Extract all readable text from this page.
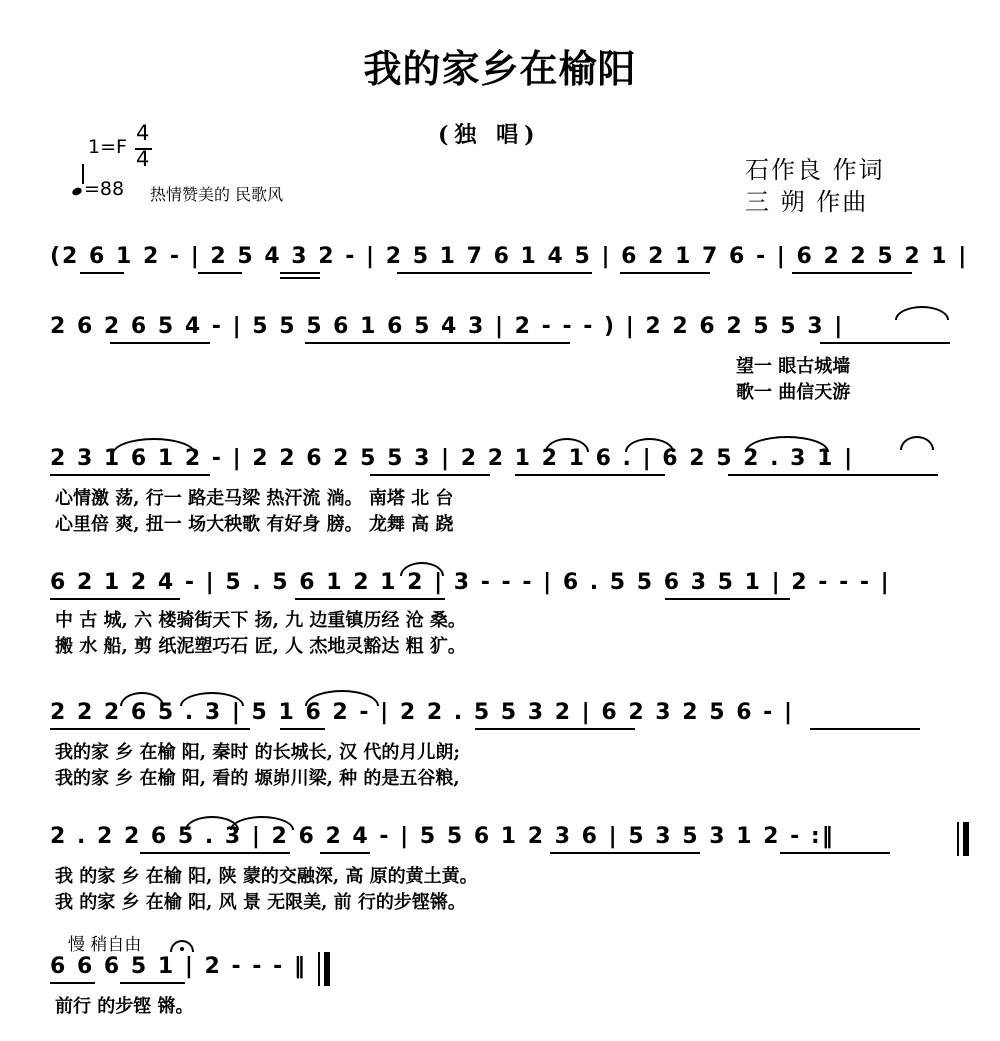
我的家乡在榆阳
(独 唱)
1=F
4
4
=88 热情赞美的 民歌风
石作良 作词
三 朔 作曲
(2 6 1 2 - | 2 5 4 3 2 - | 2 5 1 7 6 1 4 5 | 6 2 1 7 6 - | 6 2 2 5 2 1 |
2 6 2 6 5 4 - | 5 5 5 6 1 6 5 4 3 | 2 - - - ) | 2 2 6 2 5 5 3 |
望一 眼古城墙
歌一 曲信天游
2 3 1 6 1 2 - | 2 2 6 2 5 5 3 | 2 2 1 2 1 6 . | 6 2 5 2 . 3 1 |
心情激 荡, 行一 路走马梁 热汗流 淌。 南塔 北 台
心里倍 爽, 扭一 场大秧歌 有好身 膀。 龙舞 高 跷
6 2 1 2 4 - | 5 . 5 6 1 2 1 2 | 3 - - - | 6 . 5 5 6 3 5 1 | 2 - - - |
中 古 城, 六 楼骑街天下 扬, 九 边重镇历经 沧 桑。
搬 水 船, 剪 纸泥塑巧石 匠, 人 杰地灵豁达 粗 犷。
2 2 2 6 5 . 3 | 5 1 6 2 - | 2 2 . 5 5 3 2 | 6 2 3 2 5 6 - |
我的家 乡 在榆 阳, 秦时 的长城长, 汉 代的月儿朗;
我的家 乡 在榆 阳, 看的 塬峁川梁, 种 的是五谷粮,
2 . 2 2 6 5 . 3 | 2 6 2 4 - | 5 5 6 1 2 3 6 | 5 3 5 3 1 2 - :‖
我 的家 乡 在榆 阳, 陕 蒙的交融深, 高 原的黄土黄。
我 的家 乡 在榆 阳, 风 景 无限美, 前 行的步铿锵。
慢 稍自由
6 6 6 5 1 | 2 - - - ‖
前行 的步铿 锵。
